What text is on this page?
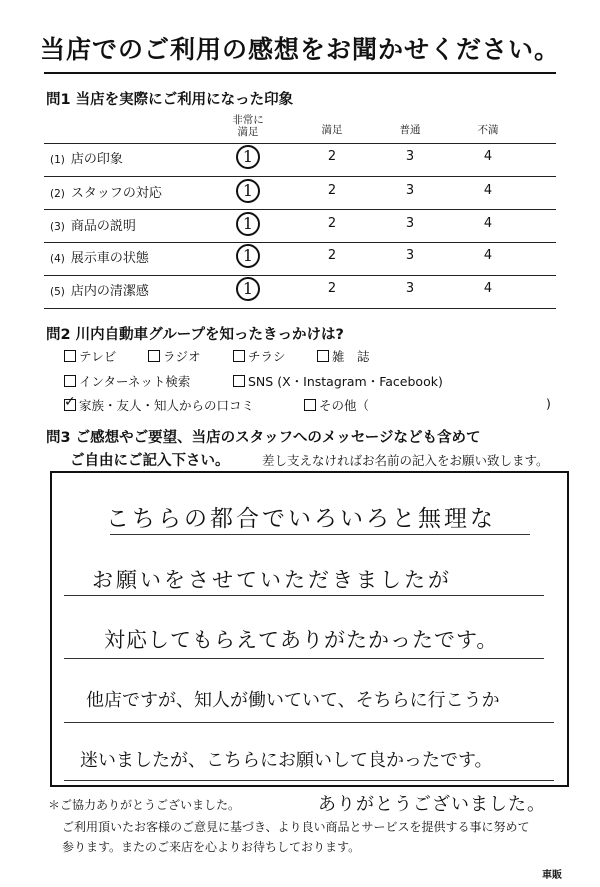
当店でのご利用の感想をお聞かせください。
問1 当店を実際にご利用になった印象
非常に
満足	満足	普通	不満
(1) 店の印象	1	2	3	4
(2) スタッフの対応	1	2	3	4
(3) 商品の説明	1	2	3	4
(4) 展示車の状態	1	2	3	4
(5) 店内の清潔感	1	2	3	4
問2 川内自動車グループを知ったきっかけは?
テレビ	ラジオ	チラシ	雑　誌
インターネット検索	SNS (X・Instagram・Facebook)
✓ 家族・友人・知人からの口コミ	その他（	)
問3 ご感想やご要望、当店のスタッフへのメッセージなども含めて
ご自由にご記入下さい。	差し支えなければお名前の記入をお願い致します。
こちらの都合でいろいろと無理な
お願いをさせていただきましたが
対応してもらえてありがたかったです。
他店ですが、知人が働いていて、そちらに行こうか
迷いましたが、こちらにお願いして良かったです。
＊ご協力ありがとうございました。	ありがとうございました。
ご利用頂いたお客様のご意見に基づき、より良い商品とサービスを提供する事に努めて
参ります。またのご来店を心よりお待ちしております。
車販
